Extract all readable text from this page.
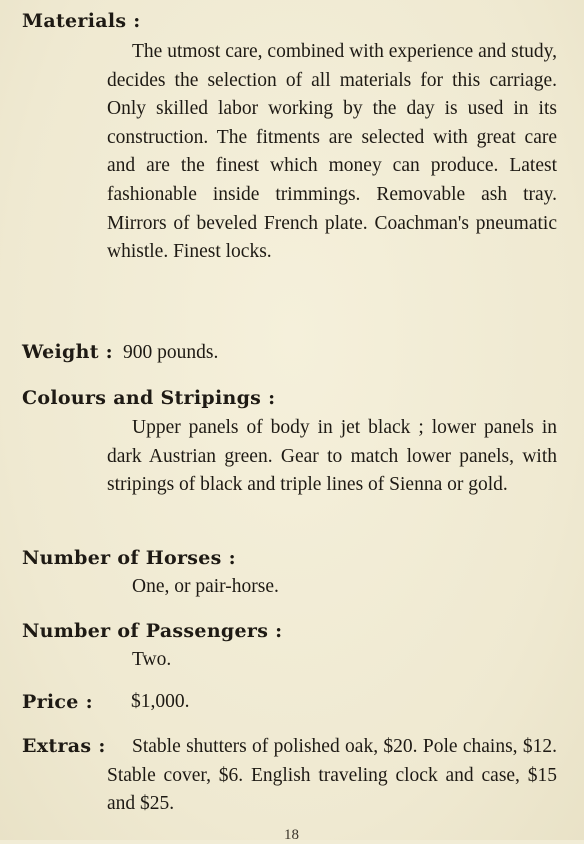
Materials :
The utmost care, combined with experience and study, decides the selection of all materials for this carriage. Only skilled labor working by the day is used in its construction. The fitments are selected with great care and are the finest which money can produce. Latest fashionable inside trimmings. Removable ash tray. Mirrors of beveled French plate. Coachman's pneumatic whistle. Finest locks.
Weight : 900 pounds.
Colours and Stripings :
Upper panels of body in jet black ; lower panels in dark Austrian green. Gear to match lower panels, with stripings of black and triple lines of Sienna or gold.
Number of Horses :
One, or pair-horse.
Number of Passengers :
Two.
Price : $1,000.
Extras :	Stable shutters of polished oak, $20. Pole chains, $12. Stable cover, $6. English traveling clock and case, $15 and $25.
18
